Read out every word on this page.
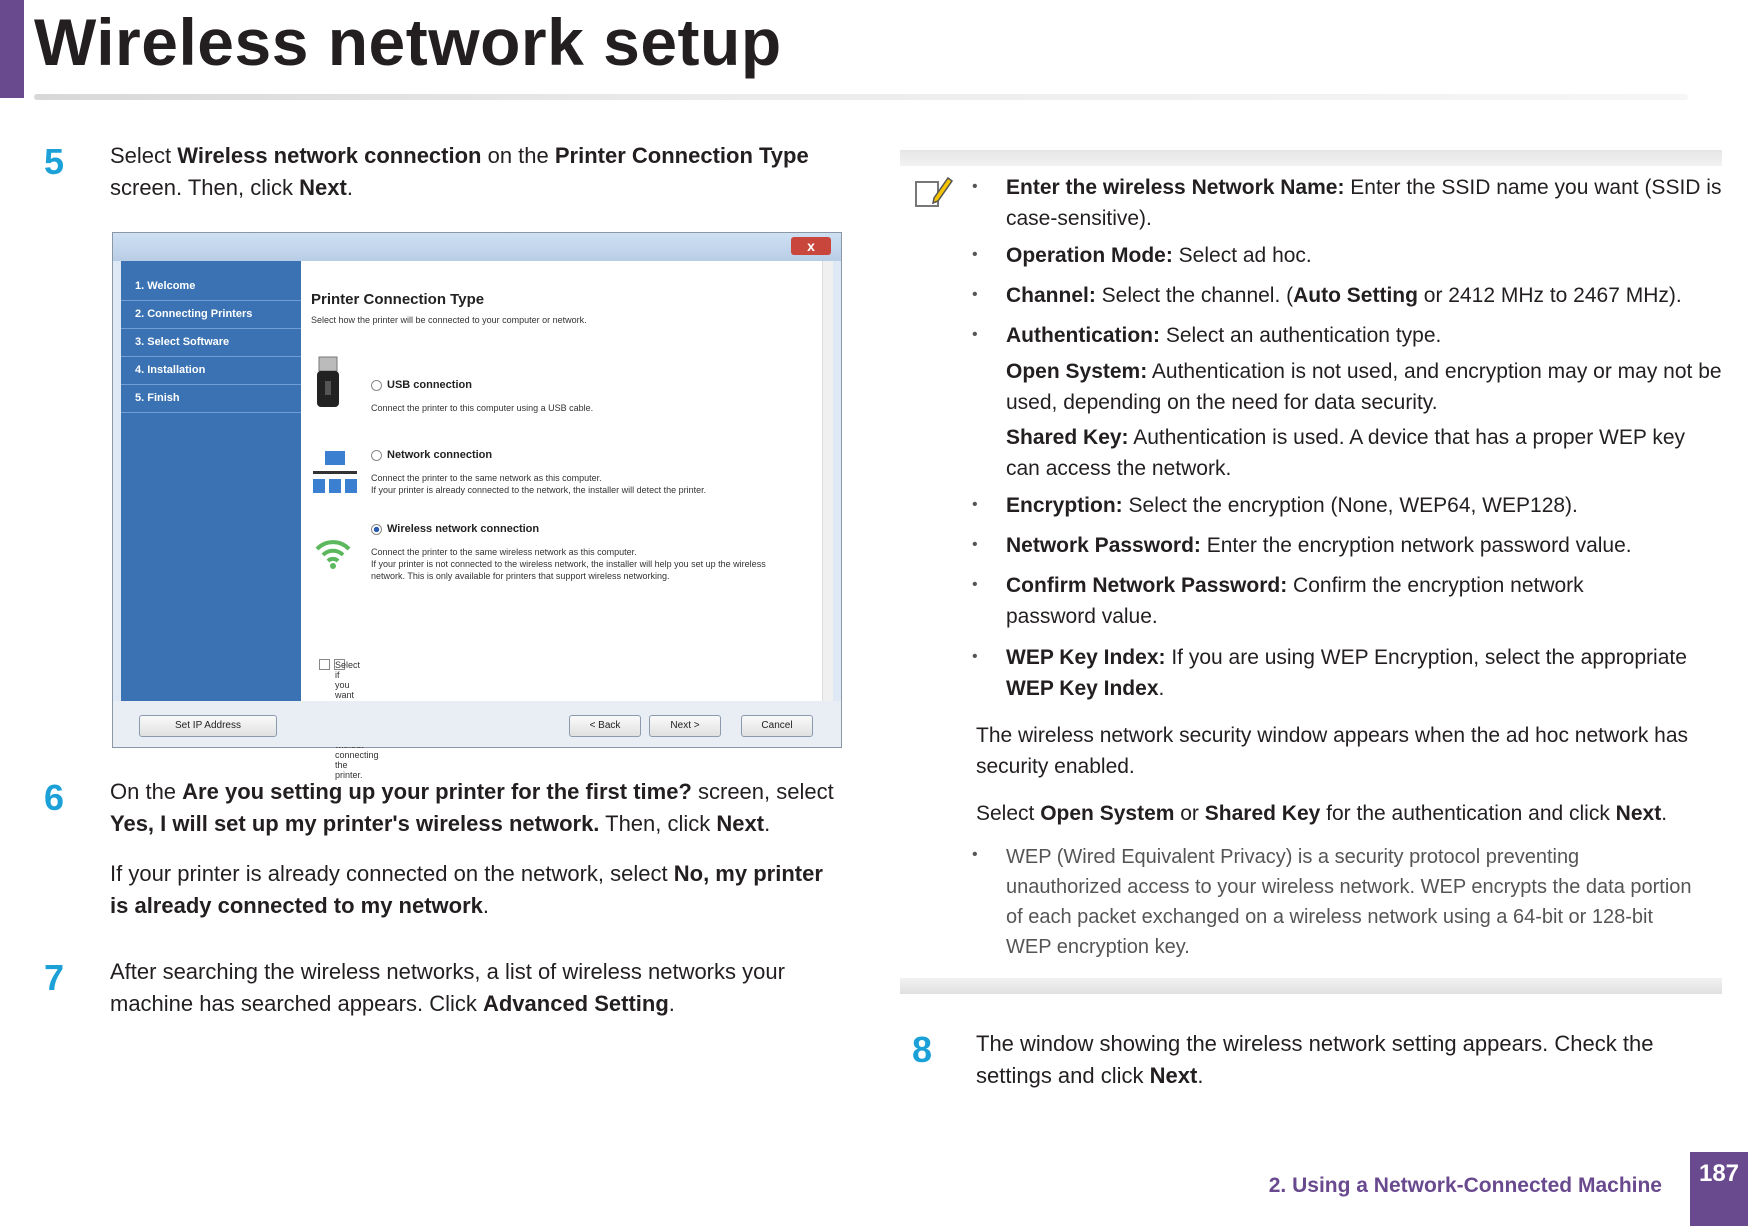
Wireless network setup
5 Select Wireless network connection on the Printer Connection Type screen. Then, click Next.
x
1. Welcome
2. Connecting Printers
3. Select Software
4. Installation
5. Finish
Printer Connection Type
Select how the printer will be connected to your computer or network.
USB connection
Connect the printer to this computer using a USB cable.
Network connection
Connect the printer to the same network as this computer.
If your printer is already connected to the network, the installer will detect the printer.
Wireless network connection
Connect the printer to the same wireless network as this computer.
If your printer is not connected to the wireless network, the installer will help you set up the wireless
network. This is only available for printers that support wireless networking.
Select if you want connecting the printer.
Set IP Address	< Back	Next >	Cancel
6 On the Are you setting up your printer for the first time? screen, select Yes, I will set up my printer's wireless network. Then, click Next.
If your printer is already connected on the network, select No, my printer is already connected to my network.
7 After searching the wireless networks, a list of wireless networks your machine has searched appears. Click Advanced Setting.
• Enter the wireless Network Name: Enter the SSID name you want (SSID is case-sensitive).
• Operation Mode: Select ad hoc.
• Channel: Select the channel. (Auto Setting or 2412 MHz to 2467 MHz).
• Authentication: Select an authentication type.
Open System: Authentication is not used, and encryption may or may not be used, depending on the need for data security.
Shared Key: Authentication is used. A device that has a proper WEP key can access the network.
• Encryption: Select the encryption (None, WEP64, WEP128).
• Network Password: Enter the encryption network password value.
• Confirm Network Password: Confirm the encryption network password value.
• WEP Key Index: If you are using WEP Encryption, select the appropriate WEP Key Index.
The wireless network security window appears when the ad hoc network has security enabled.
Select Open System or Shared Key for the authentication and click Next.
• WEP (Wired Equivalent Privacy) is a security protocol preventing unauthorized access to your wireless network. WEP encrypts the data portion of each packet exchanged on a wireless network using a 64-bit or 128-bit WEP encryption key.
8 The window showing the wireless network setting appears. Check the settings and click Next.
2. Using a Network-Connected Machine	187
